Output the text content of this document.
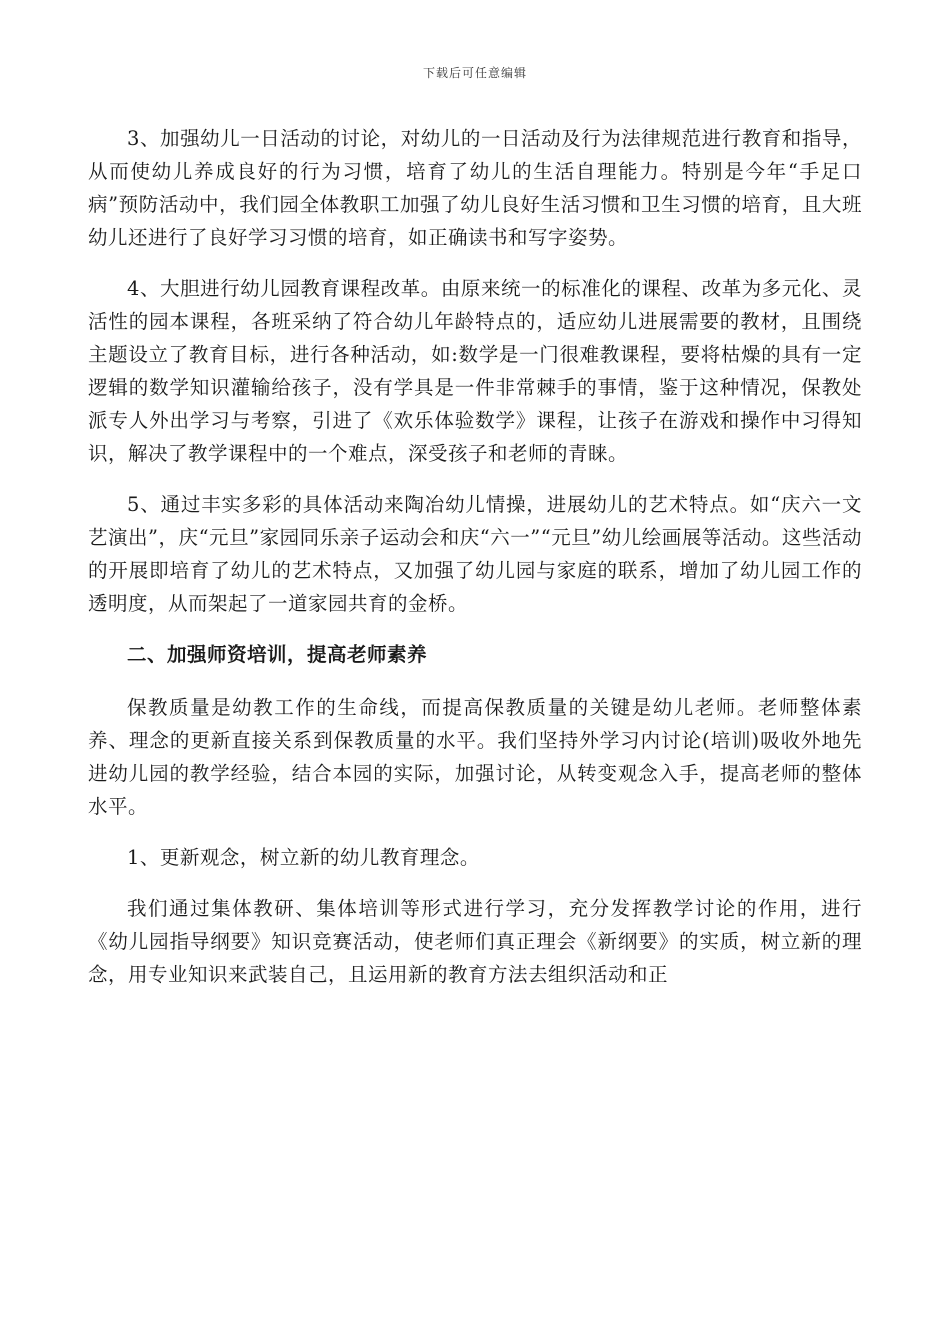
下载后可任意编辑

3、加强幼儿一日活动的讨论，对幼儿的一日活动及行为法律规范进行教育和指导，从而使幼儿养成良好的行为习惯，培育了幼儿的生活自理能力。特别是今年“手足口病”预防活动中，我们园全体教职工加强了幼儿良好生活习惯和卫生习惯的培育，且大班幼儿还进行了良好学习习惯的培育，如正确读书和写字姿势。

4、大胆进行幼儿园教育课程改革。由原来统一的标准化的课程、改革为多元化、灵活性的园本课程，各班采纳了符合幼儿年龄特点的，适应幼儿进展需要的教材，且围绕主题设立了教育目标，进行各种活动，如:数学是一门很难教课程，要将枯燥的具有一定逻辑的数学知识灌输给孩子，没有学具是一件非常棘手的事情，鉴于这种情况，保教处派专人外出学习与考察，引进了《欢乐体验数学》课程，让孩子在游戏和操作中习得知识，解决了教学课程中的一个难点，深受孩子和老师的青睐。

5、通过丰实多彩的具体活动来陶冶幼儿情操，进展幼儿的艺术特点。如“庆六一文艺演出”，庆“元旦”家园同乐亲子运动会和庆“六一”“元旦”幼儿绘画展等活动。这些活动的开展即培育了幼儿的艺术特点，又加强了幼儿园与家庭的联系，增加了幼儿园工作的透明度，从而架起了一道家园共育的金桥。

二、加强师资培训，提高老师素养

保教质量是幼教工作的生命线，而提高保教质量的关键是幼儿老师。老师整体素养、理念的更新直接关系到保教质量的水平。我们坚持外学习内讨论(培训)吸收外地先进幼儿园的教学经验，结合本园的实际，加强讨论，从转变观念入手，提高老师的整体水平。

1、更新观念，树立新的幼儿教育理念。

我们通过集体教研、集体培训等形式进行学习，充分发挥教学讨论的作用，进行《幼儿园指导纲要》知识竞赛活动，使老师们真正理会《新纲要》的实质，树立新的理念，用专业知识来武装自己，且运用新的教育方法去组织活动和正
